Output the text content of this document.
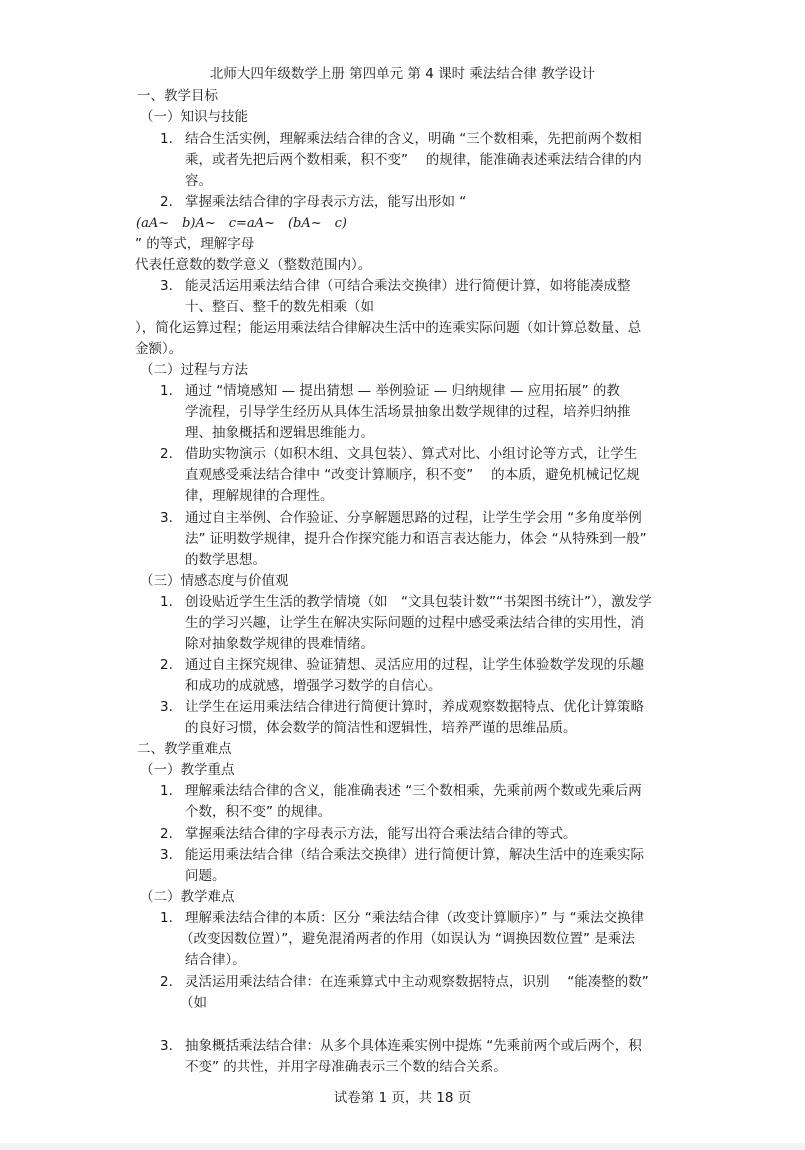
北师大四年级数学上册 第四单元 第 4 课时 乘法结合律 教学设计
一、教学目标
（一）知识与技能
1. 结合生活实例，理解乘法结合律的含义，明确 “三个数相乘，先把前两个数相
乘，或者先把后两个数相乘，积不变”　 的规律，能准确表述乘法结合律的内
容。
2. 掌握乘法结合律的字母表示方法，能写出形如 “
(aA~　b)A~　c=aA~　(bA~　c)
” 的等式，理解字母
代表任意数的数学意义（整数范围内）。
3. 能灵活运用乘法结合律（可结合乘法交换律）进行简便计算，如将能凑成整
十、整百、整千的数先相乘（如
），简化运算过程；能运用乘法结合律解决生活中的连乘实际问题（如计算总数量、总
金额）。
（二）过程与方法
1. 通过 “情境感知 — 提出猜想 — 举例验证 — 归纳规律 — 应用拓展” 的教
学流程，引导学生经历从具体生活场景抽象出数学规律的过程，培养归纳推
理、抽象概括和逻辑思维能力。
2. 借助实物演示（如积木组、文具包装）、算式对比、小组讨论等方式，让学生
直观感受乘法结合律中 “改变计算顺序，积不变”　 的本质，避免机械记忆规
律，理解规律的合理性。
3. 通过自主举例、合作验证、分享解题思路的过程，让学生学会用 “多角度举例
法” 证明数学规律，提升合作探究能力和语言表达能力，体会 “从特殊到一般”
的数学思想。
（三）情感态度与价值观
1. 创设贴近学生生活的教学情境（如　“文具包装计数”“书架图书统计”），激发学
生的学习兴趣，让学生在解决实际问题的过程中感受乘法结合律的实用性，消
除对抽象数学规律的畏难情绪。
2. 通过自主探究规律、验证猜想、灵活应用的过程，让学生体验数学发现的乐趣
和成功的成就感，增强学习数学的自信心。
3. 让学生在运用乘法结合律进行简便计算时，养成观察数据特点、优化计算策略
的良好习惯，体会数学的简洁性和逻辑性，培养严谨的思维品质。
二、教学重难点
（一）教学重点
1. 理解乘法结合律的含义，能准确表述 “三个数相乘，先乘前两个数或先乘后两
个数，积不变” 的规律。
2. 掌握乘法结合律的字母表示方法，能写出符合乘法结合律的等式。
3. 能运用乘法结合律（结合乘法交换律）进行简便计算，解决生活中的连乘实际
问题。
（二）教学难点
1. 理解乘法结合律的本质：区分 “乘法结合律（改变计算顺序）” 与 “乘法交换律
（改变因数位置）”，避免混淆两者的作用（如误认为 “调换因数位置” 是乘法
结合律）。
2. 灵活运用乘法结合律：在连乘算式中主动观察数据特点，识别　 “能凑整的数”
（如
3. 抽象概括乘法结合律：从多个具体连乘实例中提炼 “先乘前两个或后两个，积
不变” 的共性，并用字母准确表示三个数的结合关系。
试卷第 1 页，共 18 页
